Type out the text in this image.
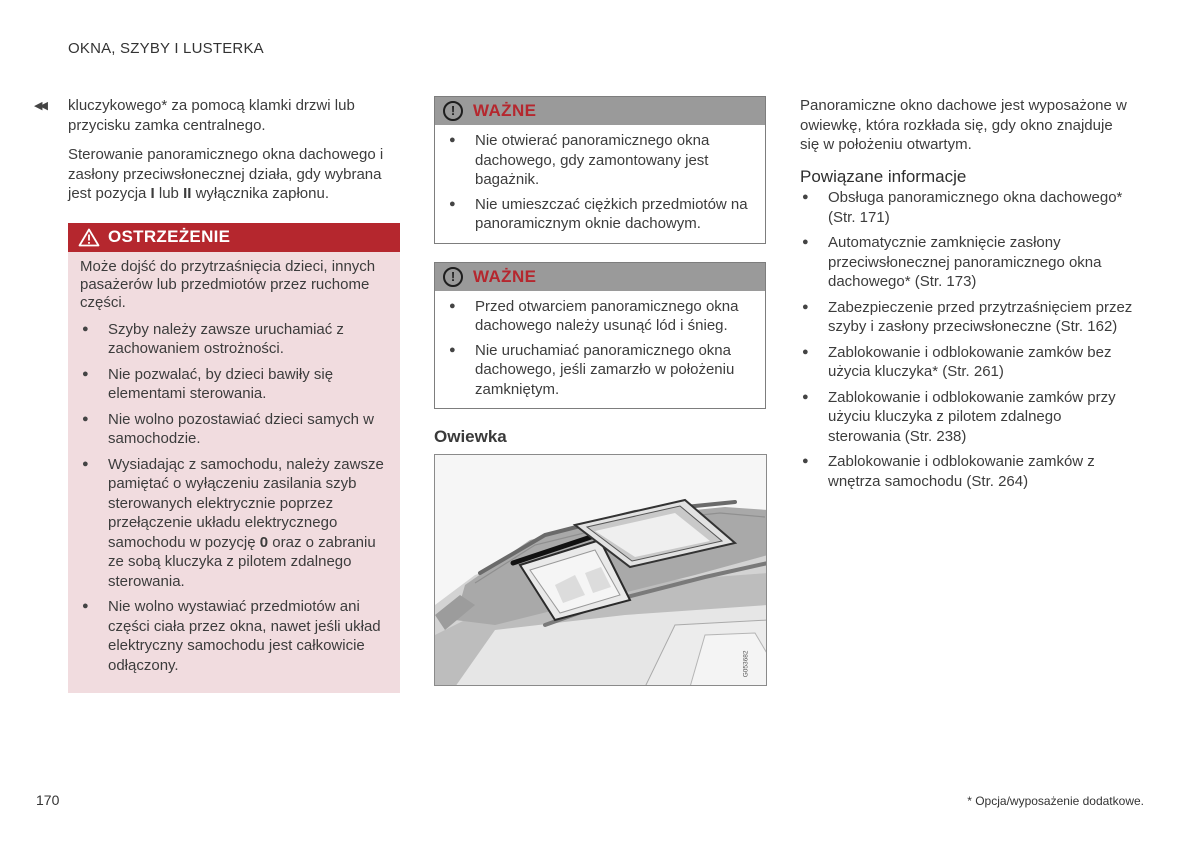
OKNA, SZYBY I LUSTERKA
◀◀ kluczykowego* za pomocą klamki drzwi lub przycisku zamka centralnego.

Sterowanie panoramicznego okna dachowego i zasłony przeciwsłonecznej działa, gdy wybrana jest pozycja I lub II wyłącznika zapłonu.

OSTRZEŻENIE

Może dojść do przytrzaśnięcia dzieci, innych pasażerów lub przedmiotów przez ruchome części.

● Szyby należy zawsze uruchamiać z zachowaniem ostrożności.
● Nie pozwalać, by dzieci bawiły się elementami sterowania.
● Nie wolno pozostawiać dzieci samych w samochodzie.
● Wysiadając z samochodu, należy zawsze pamiętać o wyłączeniu zasilania szyb sterowanych elektrycznie poprzez przełączenie układu elektrycznego samochodu w pozycję 0 oraz o zabraniu ze sobą kluczyka z pilotem zdalnego sterowania.
● Nie wolno wystawiać przedmiotów ani części ciała przez okna, nawet jeśli układ elektryczny samochodu jest całkowicie odłączony.
!	WAŻNE
● Nie otwierać panoramicznego okna dachowego, gdy zamontowany jest bagażnik.
● Nie umieszczać ciężkich przedmiotów na panoramicznym oknie dachowym.
!	WAŻNE
● Przed otwarciem panoramicznego okna dachowego należy usunąć lód i śnieg.
● Nie uruchamiać panoramicznego okna dachowego, jeśli zamarzło w położeniu zamkniętym.
Owiewka
G053682

Panoramiczne okno dachowe jest wyposażone w owiewkę, która rozkłada się, gdy okno znajduje się w położeniu otwartym.

Powiązane informacje
● Obsługa panoramicznego okna dachowego* (Str. 171)
● Automatycznie zamknięcie zasłony przeciwsłonecznej panoramicznego okna dachowego* (Str. 173)
● Zabezpieczenie przed przytrzaśnięciem przez szyby i zasłony przeciwsłoneczne (Str. 162)
● Zablokowanie i odblokowanie zamków bez użycia kluczyka* (Str. 261)
● Zablokowanie i odblokowanie zamków przy użyciu kluczyka z pilotem zdalnego sterowania (Str. 238)
● Zablokowanie i odblokowanie zamków z wnętrza samochodu (Str. 264)
170	* Opcja/wyposażenie dodatkowe.
